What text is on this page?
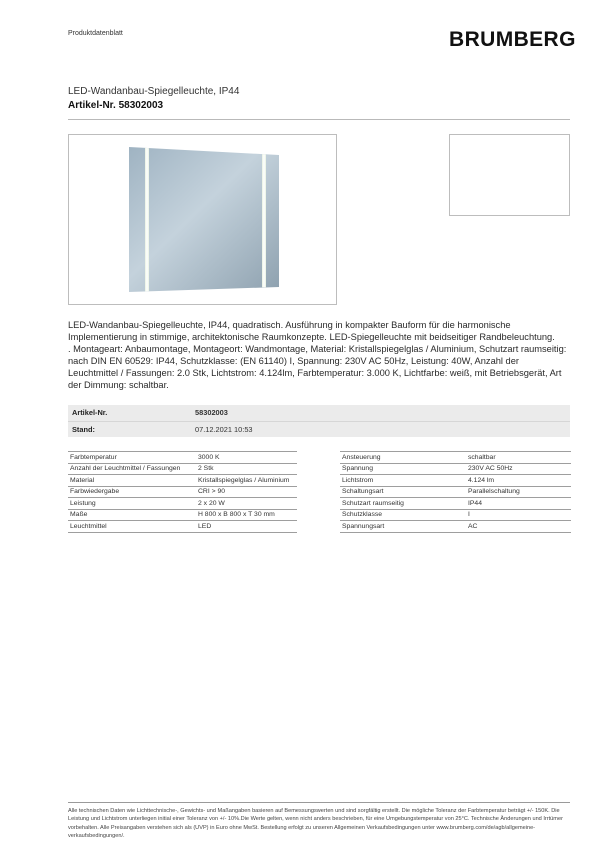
Produktdatenblatt	BRUMBERG
LED-Wandanbau-Spiegelleuchte, IP44
Artikel-Nr. 58302003

LED-Wandanbau-Spiegelleuchte, IP44, quadratisch. Ausführung in kompakter Bauform für die harmonische Implementierung in stimmige, architektonische Raumkonzepte. LED-Spiegelleuchte mit beidseitiger Randbeleuchtung.

. Montageart: Anbaumontage, Montageort: Wandmontage, Material: Kristallspiegelglas / Aluminium, Schutzart raumseitig: nach DIN EN 60529: IP44, Schutzklasse: (EN 61140) I, Spannung: 230V AC 50Hz, Leistung: 40W, Anzahl der Leuchtmittel / Fassungen: 2.0 Stk, Lichtstrom: 4.124lm, Farbtemperatur: 3.000 K, Lichtfarbe: weiß, mit Betriebsgerät, Art der Dimmung: schaltbar.

Artikel-Nr.	58302003
Stand:	07.12.2021 10:53
Farbtemperatur	3000 K
Anzahl der Leuchtmittel / Fassungen	2 Stk
Material	Kristallspiegelglas / Aluminium
Farbwiedergabe	CRI > 90
Leistung	2 x 20 W
Maße	H 800 x B 800 x T 30 mm
Leuchtmittel	LED
Ansteuerung	schaltbar
Spannung	230V AC 50Hz
Lichtstrom	4.124 lm
Schaltungsart	Parallelschaltung
Schutzart raumseitig	IP44
Schutzklasse	I
Spannungsart	AC
Alle technischen Daten wie Lichttechnische-, Gewichts- und Maßangaben basieren auf Bemessungswerten und sind sorgfältig erstellt. Die mögliche Toleranz der Farbtemperatur beträgt +/- 150K. Die Leistung und Lichtstrom unterliegen initial einer Toleranz von +/- 10%.Die Werte gelten, wenn nicht anders beschrieben, für eine Umgebungstemperatur von 25°C. Technische Änderungen und Irrtümer vorbehalten. Alle Preisangaben verstehen sich als (UVP) in Euro ohne MwSt. Bestellung erfolgt zu unseren Allgemeinen Verkaufsbedingungen unter www.brumberg.com/de/agb/allgemeine-verkaufsbedingungen/.
